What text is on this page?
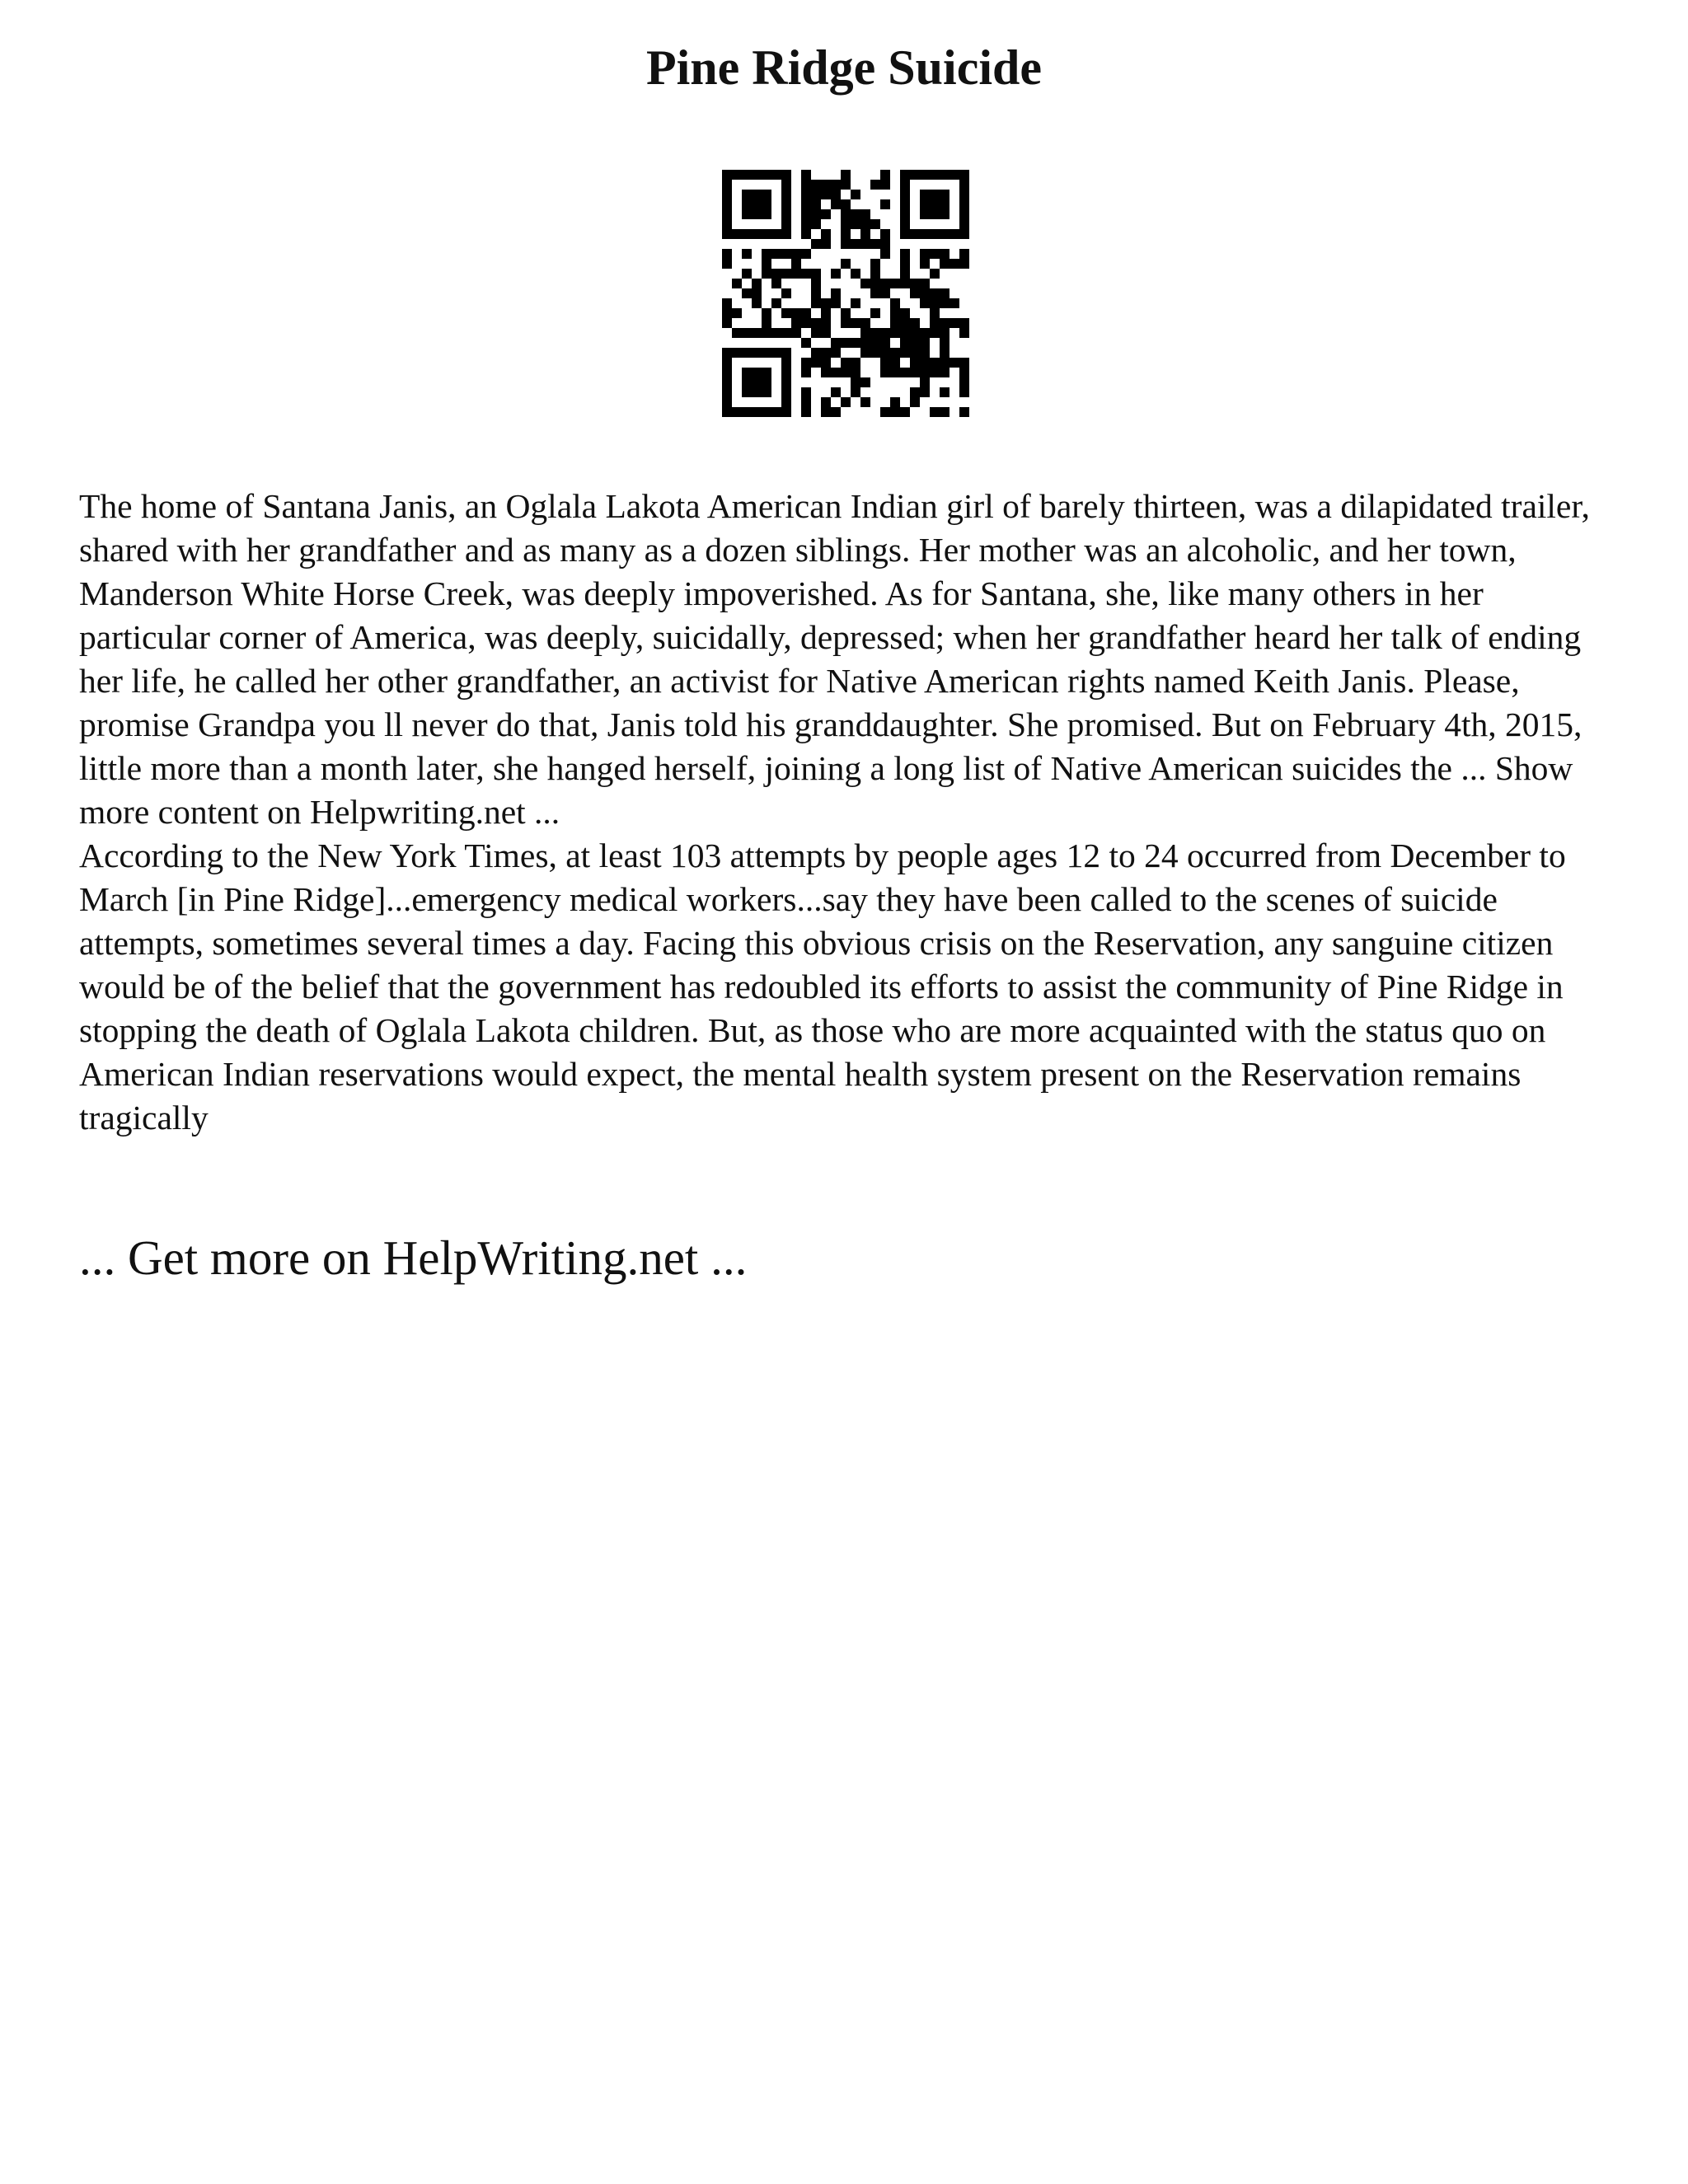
Pine Ridge Suicide

The home of Santana Janis, an Oglala Lakota American Indian girl of barely thirteen, was a dilapidated trailer, shared with her grandfather and as many as a dozen siblings. Her mother was an alcoholic, and her town, Manderson White Horse Creek, was deeply impoverished. As for Santana, she, like many others in her particular corner of America, was deeply, suicidally, depressed; when her grandfather heard her talk of ending her life, he called her other grandfather, an activist for Native American rights named Keith Janis. Please, promise Grandpa you ll never do that, Janis told his granddaughter. She promised. But on February 4th, 2015, little more than a month later, she hanged herself, joining a long list of Native American suicides the ... Show more content on Helpwriting.net ...

According to the New York Times, at least 103 attempts by people ages 12 to 24 occurred from December to March [in Pine Ridge]...emergency medical workers...say they have been called to the scenes of suicide attempts, sometimes several times a day. Facing this obvious crisis on the Reservation, any sanguine citizen would be of the belief that the government has redoubled its efforts to assist the community of Pine Ridge in stopping the death of Oglala Lakota children. But, as those who are more acquainted with the status quo on American Indian reservations would expect, the mental health system present on the Reservation remains tragically

... Get more on HelpWriting.net ...
